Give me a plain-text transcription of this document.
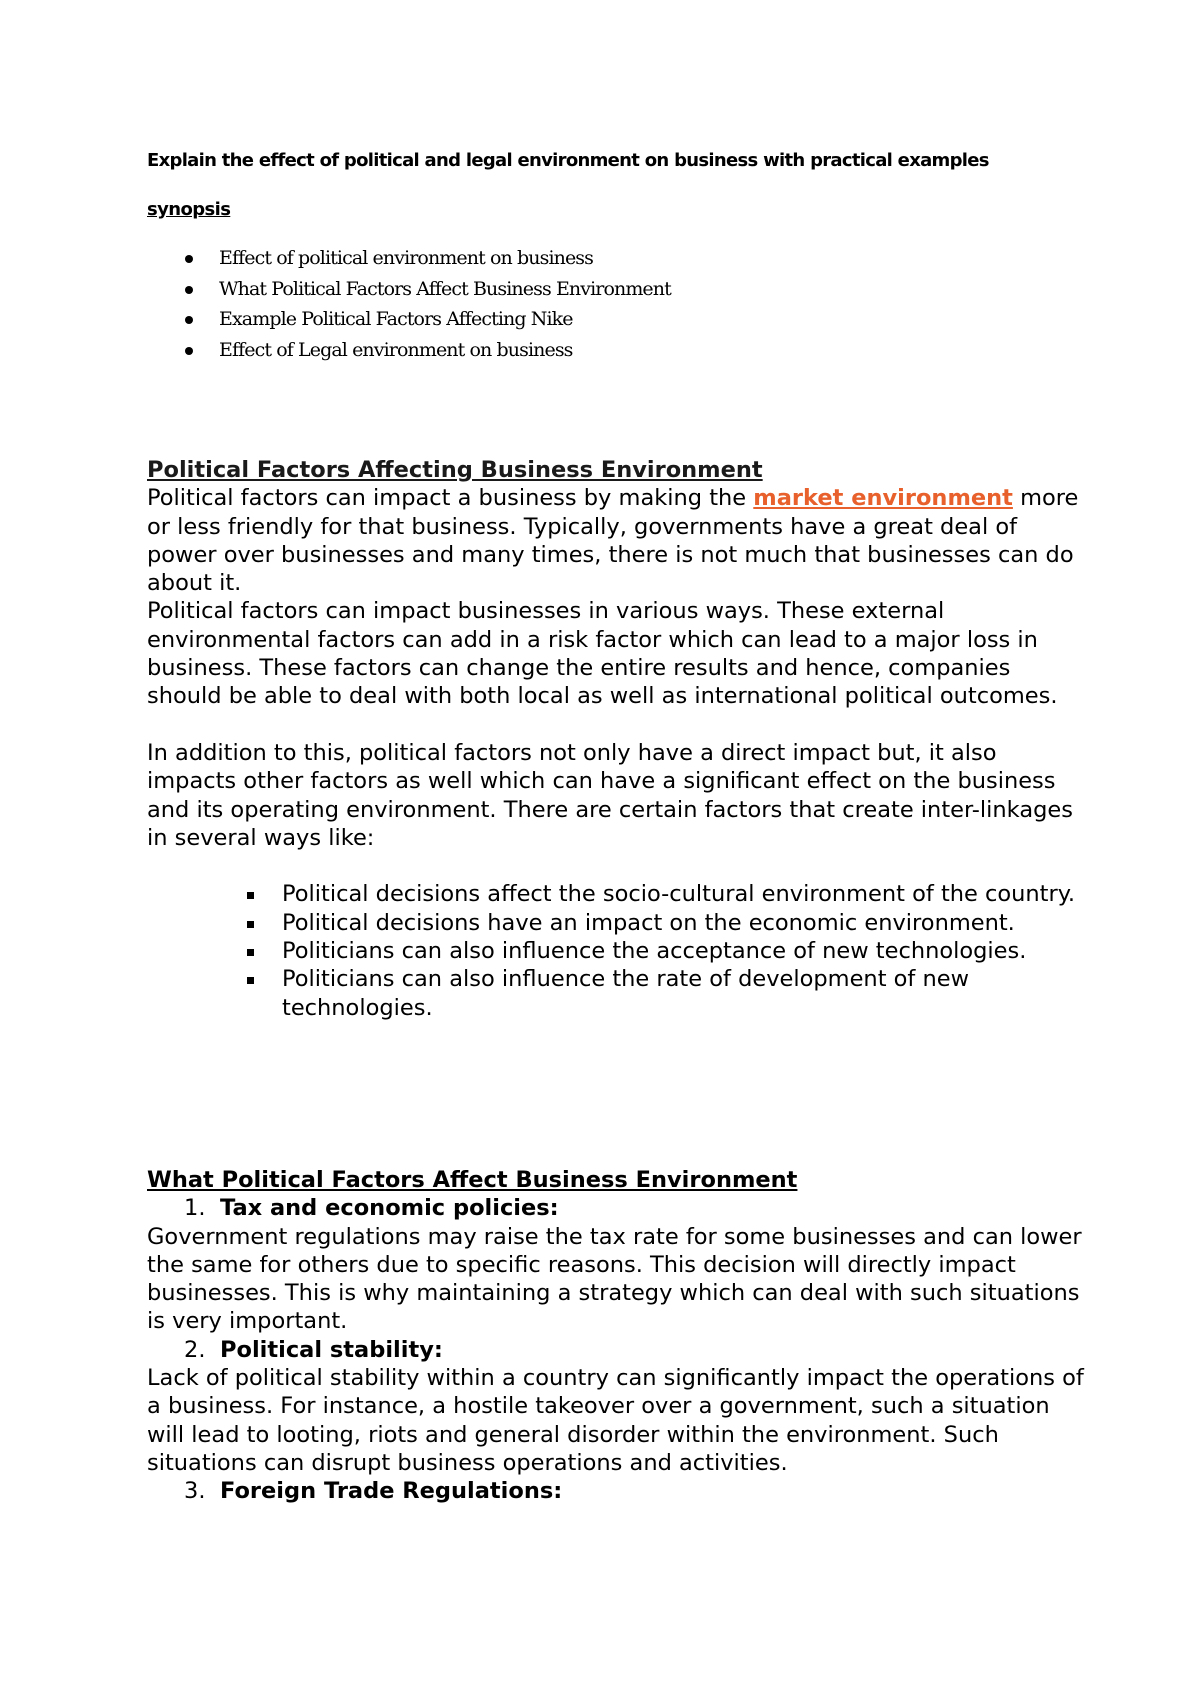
Explain the effect of political and legal environment on business with practical examples
synopsis
Effect of political environment on business
What Political Factors Affect Business Environment
Example Political Factors Affecting Nike
Effect of Legal environment on business
Political Factors Affecting Business Environment

Political factors can impact a business by making the market environment more or less friendly for that business. Typically, governments have a great deal of power over businesses and many times, there is not much that businesses can do about it.

Political factors can impact businesses in various ways. These external environmental factors can add in a risk factor which can lead to a major loss in business. These factors can change the entire results and hence, companies should be able to deal with both local as well as international political outcomes.

In addition to this, political factors not only have a direct impact but, it also impacts other factors as well which can have a significant effect on the business and its operating environment. There are certain factors that create inter-linkages in several ways like:

Political decisions affect the socio-cultural environment of the country.
Political decisions have an impact on the economic environment.
Politicians can also influence the acceptance of new technologies.
Politicians can also influence the rate of development of new technologies.
What Political Factors Affect Business Environment
1. Tax and economic policies:

Government regulations may raise the tax rate for some businesses and can lower the same for others due to specific reasons. This decision will directly impact businesses. This is why maintaining a strategy which can deal with such situations is very important.

2. Political stability:

Lack of political stability within a country can significantly impact the operations of a business. For instance, a hostile takeover over a government, such a situation will lead to looting, riots and general disorder within the environment. Such situations can disrupt business operations and activities.

3. Foreign Trade Regulations:
